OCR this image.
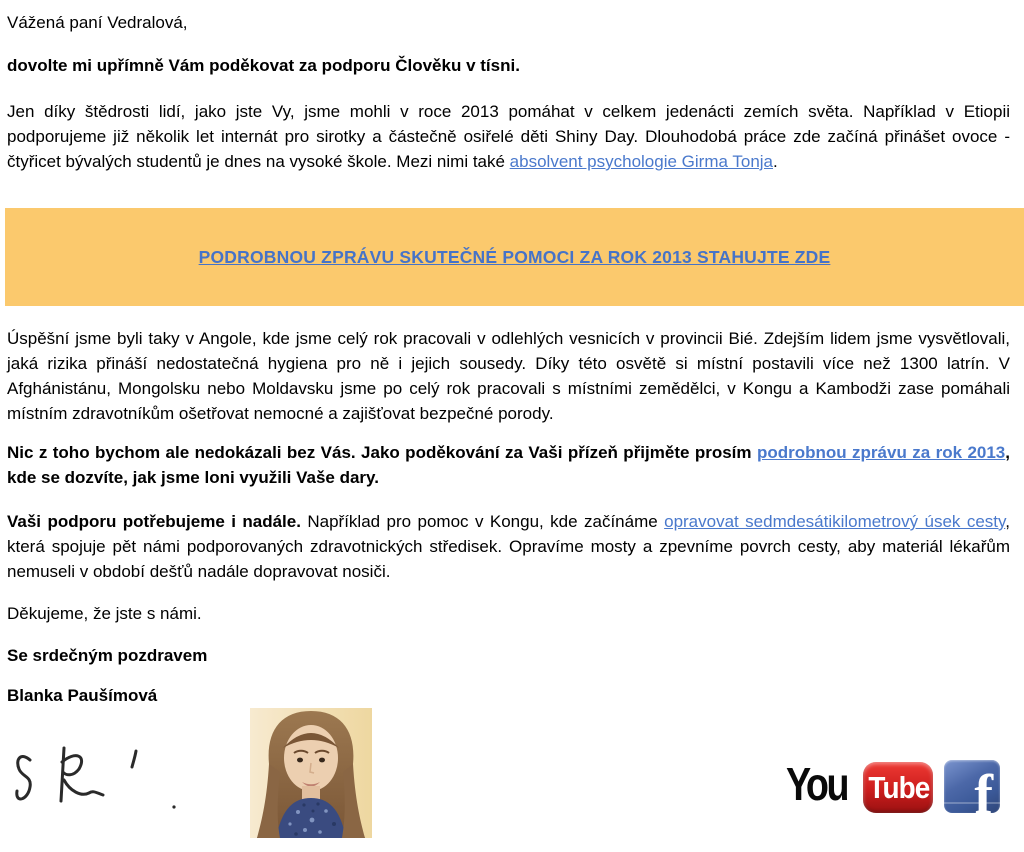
Vážená paní Vedralová,

dovolte mi upřímně Vám poděkovat za podporu Člověku v tísni.

Jen díky štědrosti lidí, jako jste Vy, jsme mohli v roce 2013 pomáhat v celkem jedenácti zemích světa. Například v Etiopii podporujeme již několik let internát pro sirotky a částečně osiřelé děti Shiny Day. Dlouhodobá práce zde začíná přinášet ovoce - čtyřicet bývalých studentů je dnes na vysoké škole. Mezi nimi také absolvent psychologie Girma Tonja.

PODROBNOU ZPRÁVU SKUTEČNÉ POMOCI ZA ROK 2013 STAHUJTE ZDE

Úspěšní jsme byli taky v Angole, kde jsme celý rok pracovali v odlehlých vesnicích v provincii Bié. Zdejším lidem jsme vysvětlovali, jaká rizika přináší nedostatečná hygiena pro ně i jejich sousedy. Díky této osvětě si místní postavili více než 1300 latrín. V Afghánistánu, Mongolsku nebo Moldavsku jsme po celý rok pracovali s místními zemědělci, v Kongu a Kambodži zase pomáhali místním zdravotníkům ošetřovat nemocné a zajišťovat bezpečné porody.

Nic z toho bychom ale nedokázali bez Vás. Jako poděkování za Vaši přízeň přijměte prosím podrobnou zprávu za rok 2013, kde se dozvíte, jak jsme loni využili Vaše dary.

Vaši podporu potřebujeme i nadále. Například pro pomoc v Kongu, kde začínáme opravovat sedmdesátikilometrový úsek cesty, která spojuje pět námi podporovaných zdravotnických středisek. Opravíme mosty a zpevníme povrch cesty, aby materiál lékařům nemuseli v období dešťů nadále dopravovat nosiči.

Děkujeme, že jste s námi.

Se srdečným pozdravem

Blanka Paušímová

You Tube f
